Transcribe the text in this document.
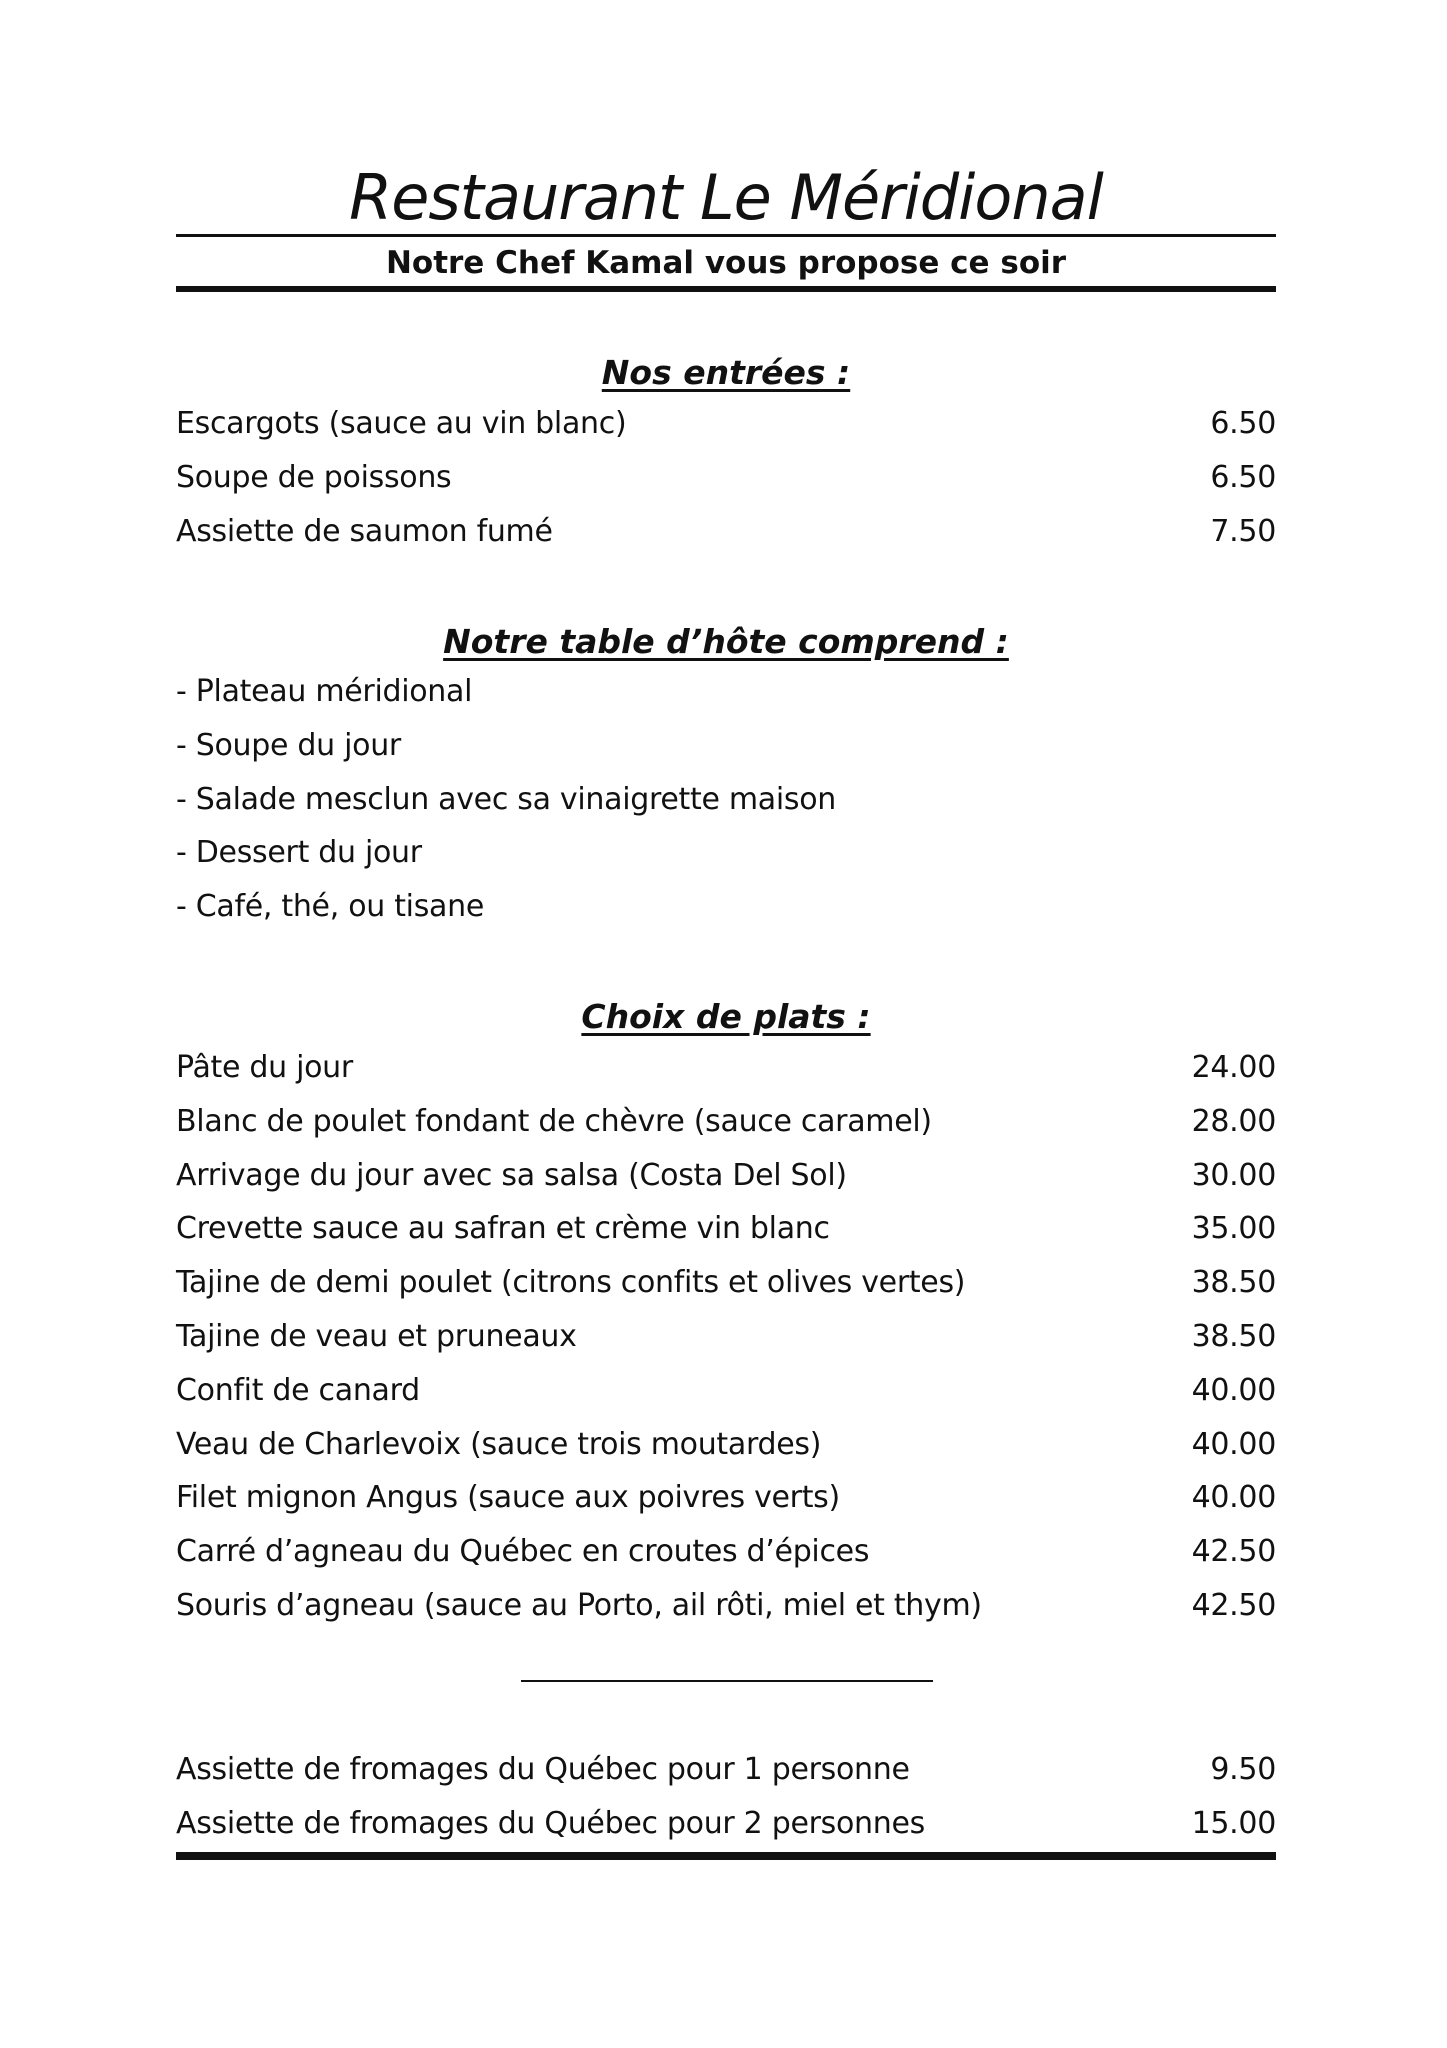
Restaurant Le Méridional
Notre Chef Kamal vous propose ce soir
Nos entrées :
Escargots (sauce au vin blanc)	6.50
Soupe de poissons	6.50
Assiette de saumon fumé	7.50
Notre table d’hôte comprend :
- Plateau méridional
- Soupe du jour
- Salade mesclun avec sa vinaigrette maison
- Dessert du jour
- Café, thé, ou tisane
Choix de plats :
Pâte du jour	24.00
Blanc de poulet fondant de chèvre (sauce caramel)	28.00
Arrivage du jour avec sa salsa (Costa Del Sol)	30.00
Crevette sauce au safran et crème vin blanc	35.00
Tajine de demi poulet (citrons confits et olives vertes)	38.50
Tajine de veau et pruneaux	38.50
Confit de canard	40.00
Veau de Charlevoix (sauce trois moutardes)	40.00
Filet mignon Angus (sauce aux poivres verts)	40.00
Carré d’agneau du Québec en croutes d’épices	42.50
Souris d’agneau (sauce au Porto, ail rôti, miel et thym)	42.50
Assiette de fromages du Québec pour 1 personne	9.50
Assiette de fromages du Québec pour 2 personnes	15.00
